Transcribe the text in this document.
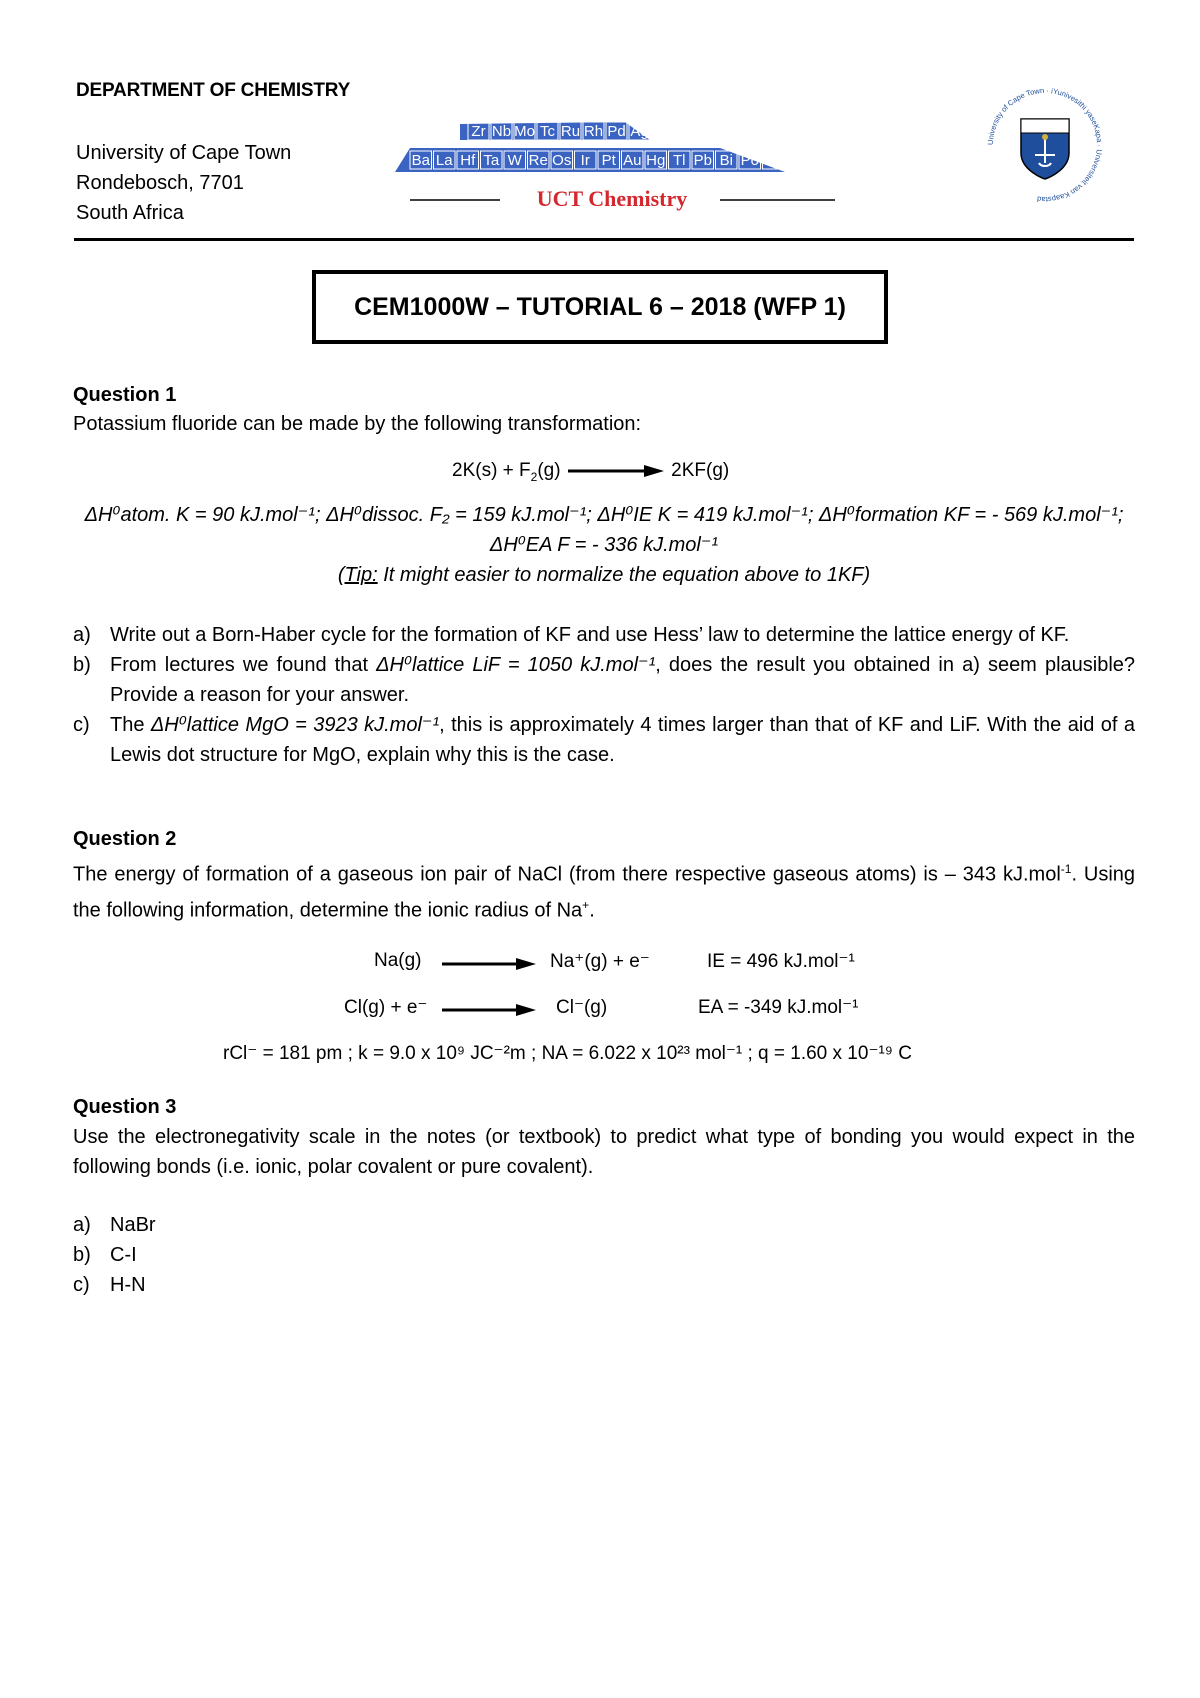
DEPARTMENT OF CHEMISTRY
University of Cape Town
Rondebosch, 7701
South Africa
Zr Nb Mo Tc Ru Rh Pd Ag
Ba La Hf Ta W Re Os Ir Pt Au Hg Tl Pb Bi Po At
UCT Chemistry
University of Cape Town · iYunivesithi yaseKapa · Universiteit van Kaapstad
CEM1000W – TUTORIAL 6 – 2018 (WFP 1)
Question 1
Potassium fluoride can be made by the following transformation:
$2K(s) + F_2(g)$	2KF(g)
ΔH⁰atom. K = 90 kJ.mol⁻¹; ΔH⁰dissoc. F₂ = 159 kJ.mol⁻¹; ΔH⁰IE K = 419 kJ.mol⁻¹; ΔH⁰formation KF = - 569 kJ.mol⁻¹;
ΔH⁰EA F = - 336 kJ.mol⁻¹
(Tip: It might easier to normalize the equation above to 1KF)
a) Write out a Born-Haber cycle for the formation of KF and use Hess’ law to determine the lattice energy of KF.
b) From lectures we found that ΔH⁰lattice LiF = 1050 kJ.mol⁻¹, does the result you obtained in a) seem plausible? Provide a reason for your answer.
c)	The ΔH⁰lattice MgO = 3923 kJ.mol⁻¹, this is approximately 4 times larger than that of KF and LiF. With the aid of a Lewis dot structure for MgO, explain why this is the case.
Question 2
The energy of formation of a gaseous ion pair of NaCl (from there respective gaseous atoms) is – 343 kJ.mol$^{-1}$. Using the following information, determine the ionic radius of Na+.
Na(g)	Na⁺(g) + e⁻	IE = 496 kJ.mol⁻¹
Cl(g) + e⁻	Cl⁻(g)	EA = -349 kJ.mol⁻¹
rCl⁻ = 181 pm ; k = 9.0 x 10⁹ JC⁻²m ; NA = 6.022 x 10²³ mol⁻¹ ; q = 1.60 x 10⁻¹⁹ C
Question 3
Use the electronegativity scale in the notes (or textbook) to predict what type of bonding you would expect in the following bonds (i.e. ionic, polar covalent or pure covalent).
a) NaBr
b) C-I
c)	H-N
